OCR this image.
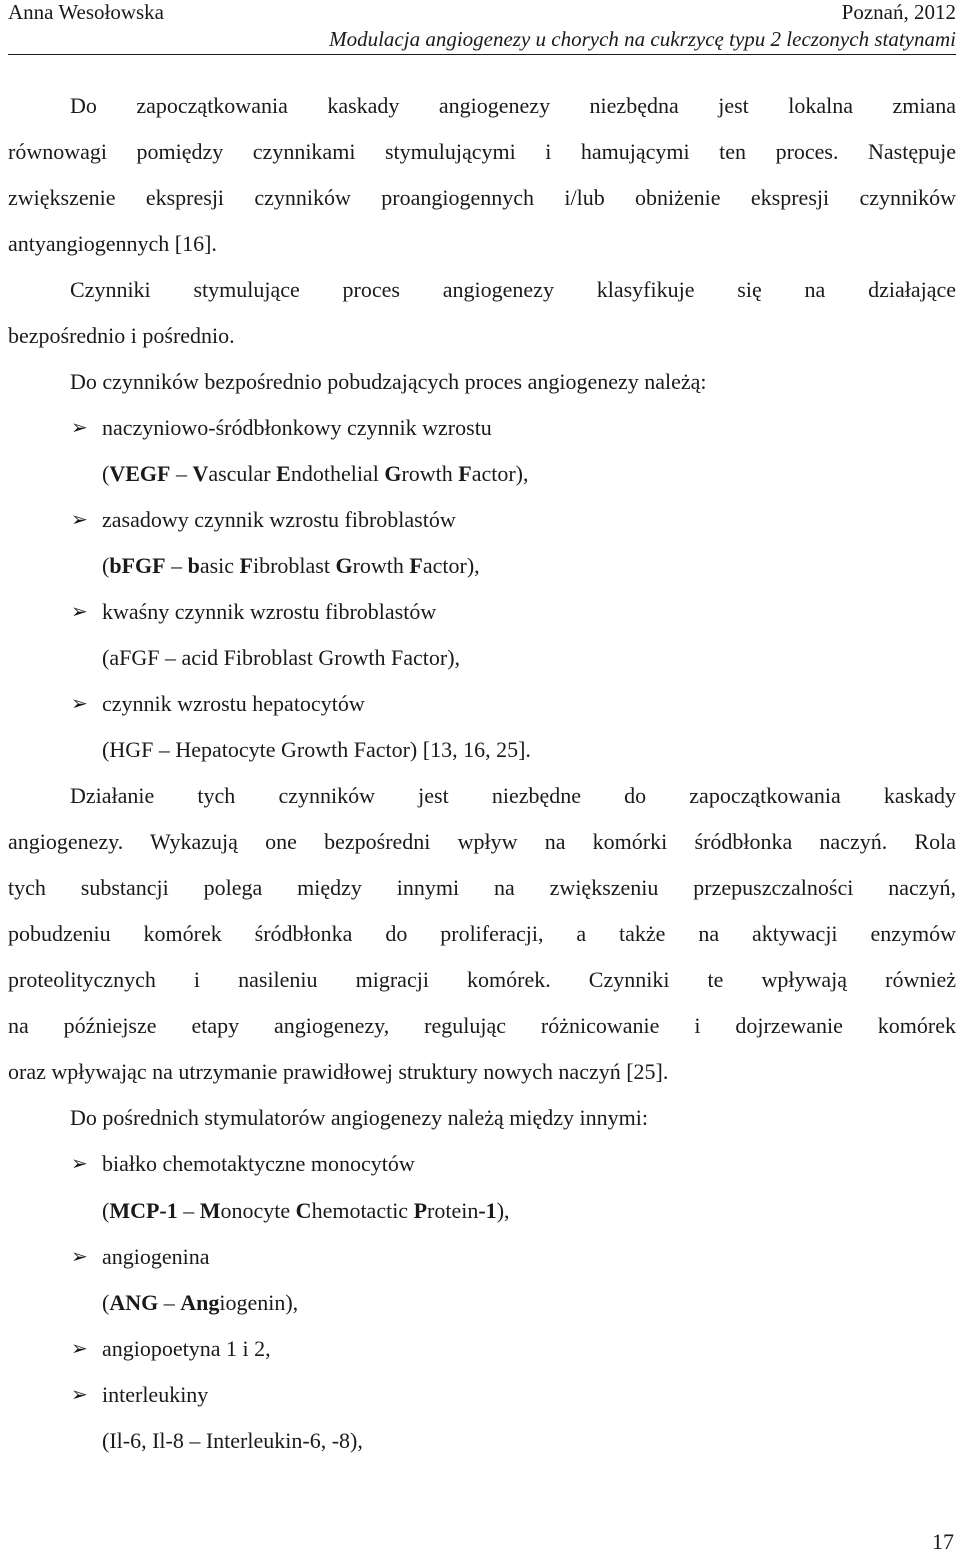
Anna Wesołowska	Poznań, 2012
Modulacja angiogenezy u chorych na cukrzycę typu 2 leczonych statynami
Do zapoczątkowania kaskady angiogenezy niezbędna jest lokalna zmiana
równowagi pomiędzy czynnikami stymulującymi i hamującymi ten proces. Następuje
zwiększenie ekspresji czynników proangiogennych i/lub obniżenie ekspresji czynników
antyangiogennych [16].
Czynniki stymulujące proces angiogenezy klasyfikuje się na działające
bezpośrednio i pośrednio.
Do czynników bezpośrednio pobudzających proces angiogenezy należą:
➢ naczyniowo-śródbłonkowy czynnik wzrostu
(VEGF – Vascular Endothelial Growth Factor),
➢ zasadowy czynnik wzrostu fibroblastów
(bFGF – basic Fibroblast Growth Factor),
➢ kwaśny czynnik wzrostu fibroblastów
(aFGF – acid Fibroblast Growth Factor),
➢ czynnik wzrostu hepatocytów
(HGF – Hepatocyte Growth Factor) [13, 16, 25].
Działanie tych czynników jest niezbędne do zapoczątkowania kaskady
angiogenezy. Wykazują one bezpośredni wpływ na komórki śródbłonka naczyń. Rola
tych substancji polega między innymi na zwiększeniu przepuszczalności naczyń,
pobudzeniu komórek śródbłonka do proliferacji, a także na aktywacji enzymów
proteolitycznych i nasileniu migracji komórek. Czynniki te wpływają również
na późniejsze etapy angiogenezy, regulując różnicowanie i dojrzewanie komórek
oraz wpływając na utrzymanie prawidłowej struktury nowych naczyń [25].
Do pośrednich stymulatorów angiogenezy należą między innymi:
➢ białko chemotaktyczne monocytów
(MCP-1 – Monocyte Chemotactic Protein-1),
➢ angiogenina
(ANG – Angiogenin),
➢ angiopoetyna 1 i 2,
➢ interleukiny
(Il-6, Il-8 – Interleukin-6, -8),
17
